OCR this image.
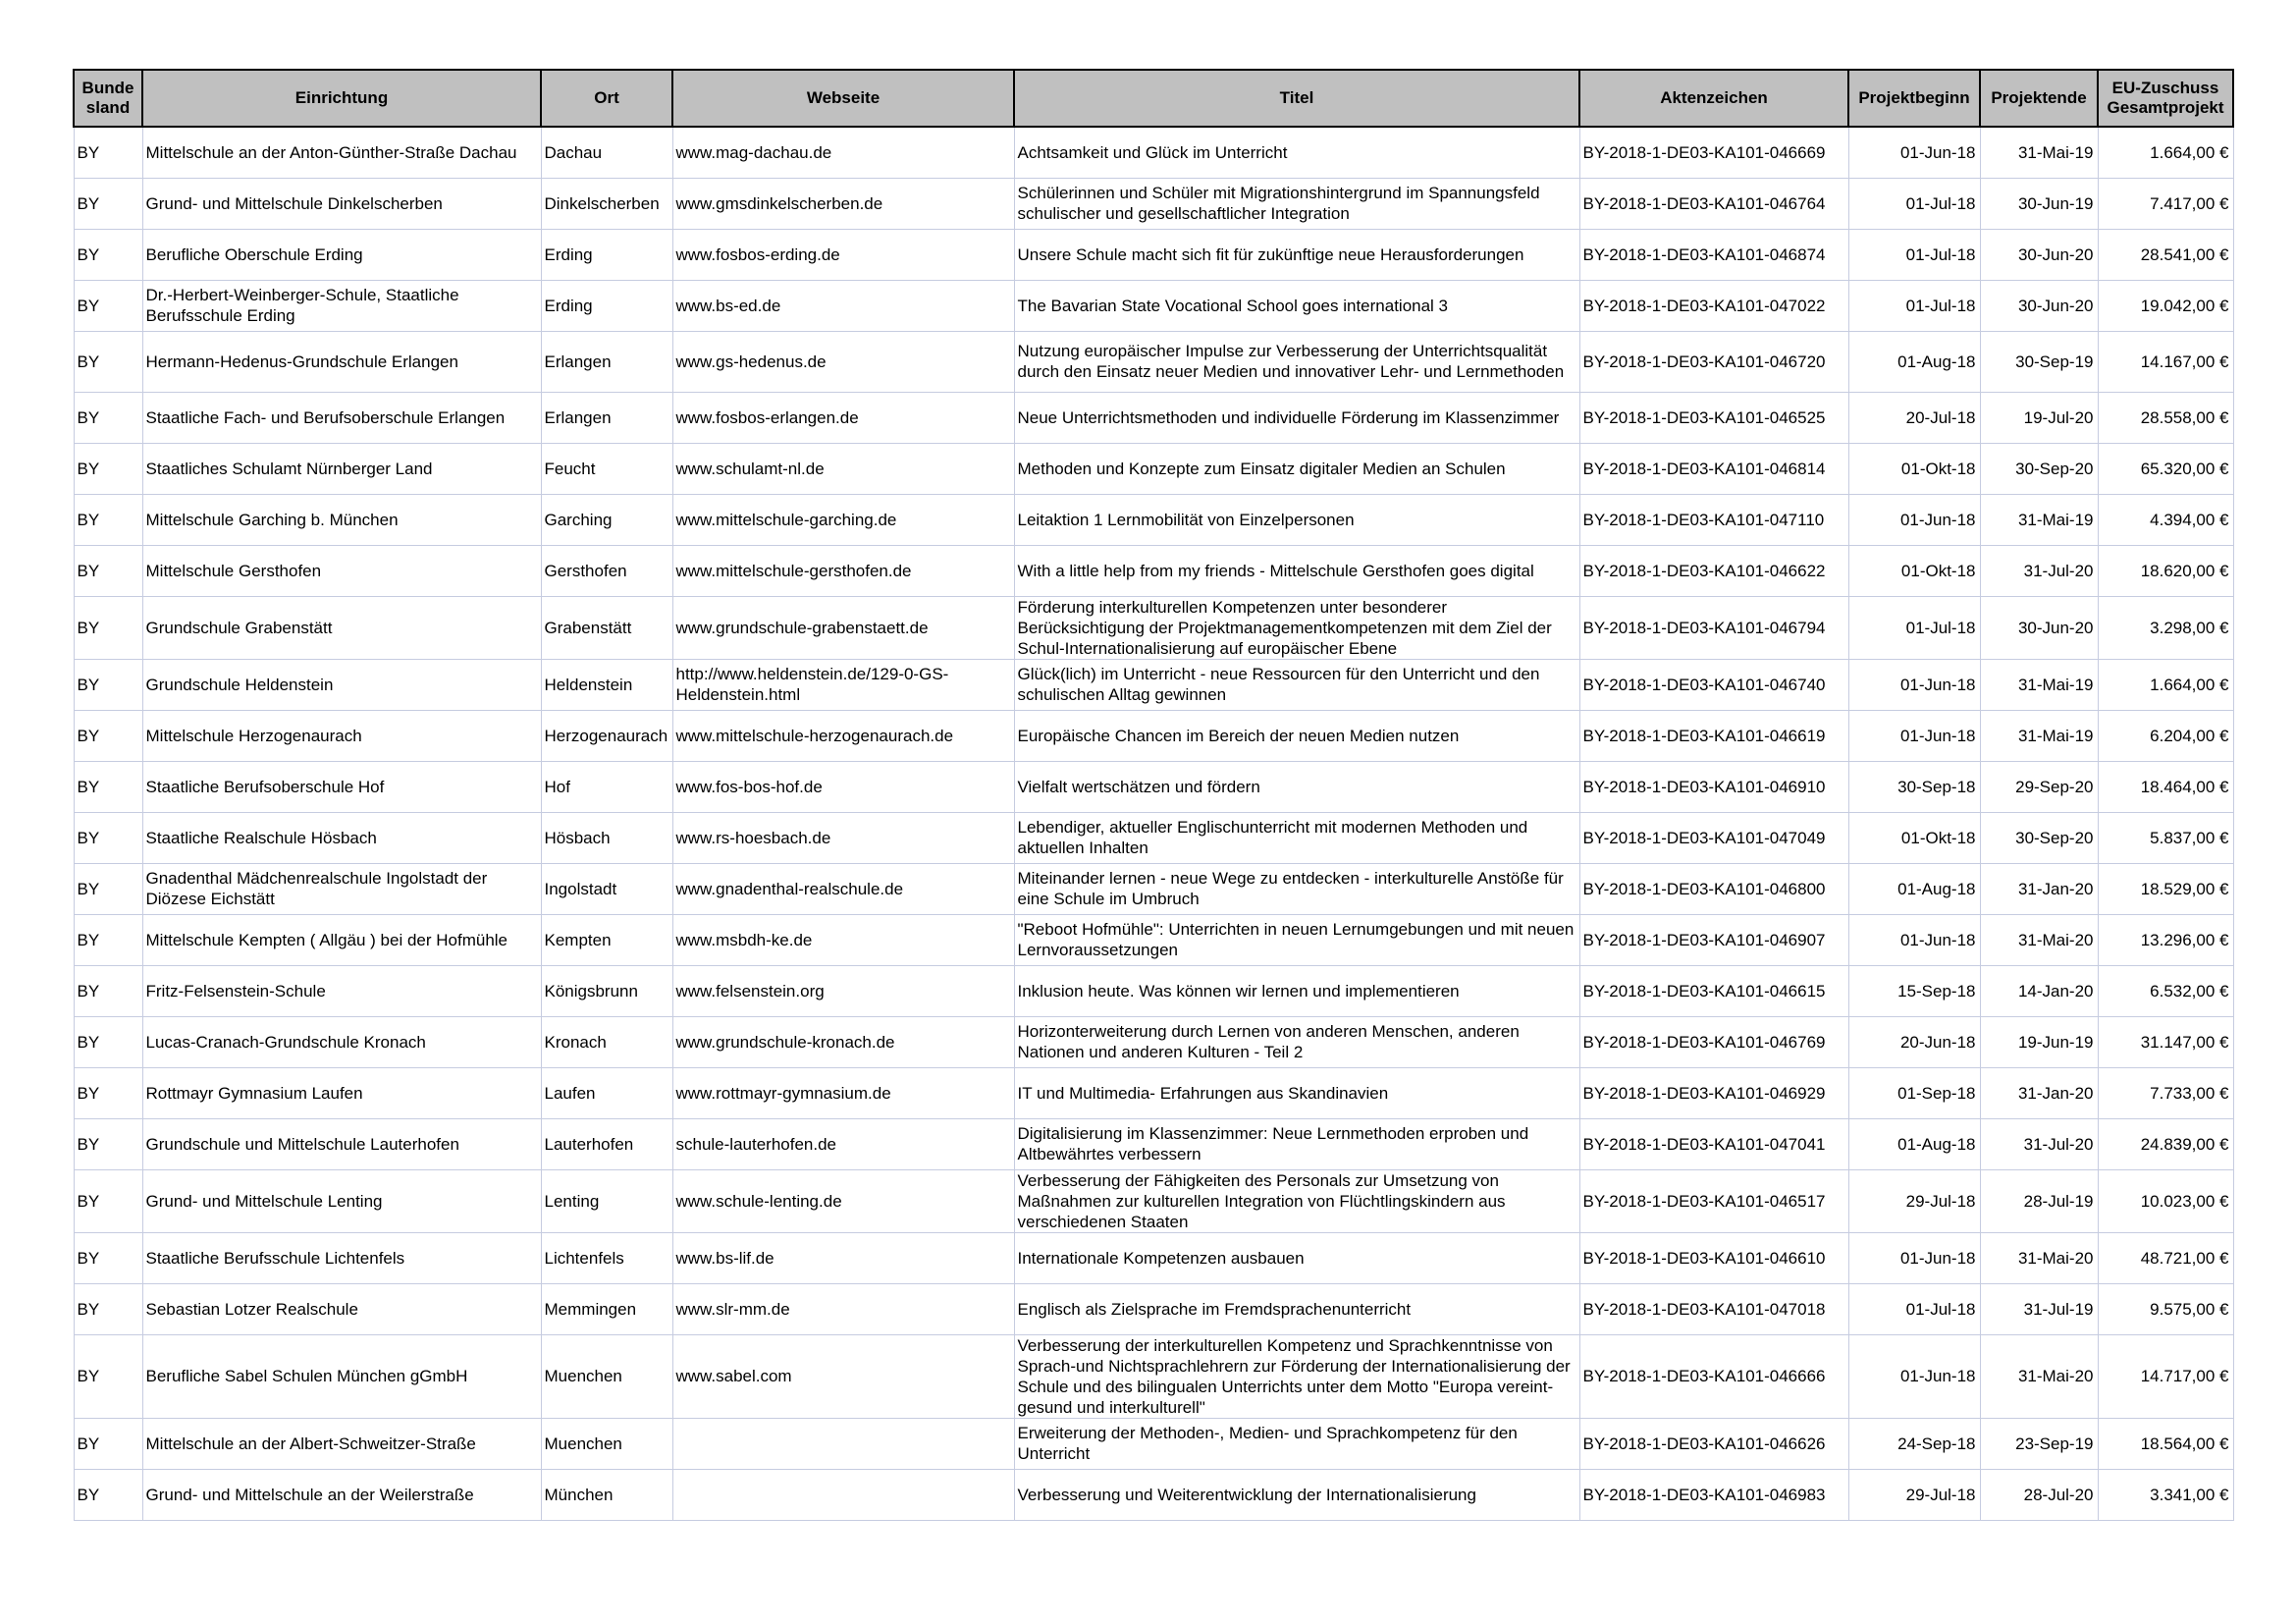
Bunde sland	Einrichtung	Ort	Webseite	Titel	Aktenzeichen	Projektbeginn	Projektende	EU-Zuschuss Gesamtprojekt
BY	Mittelschule an der Anton-Günther-Straße Dachau	Dachau	www.mag-dachau.de	Achtsamkeit und Glück im Unterricht	BY-2018-1-DE03-KA101-046669	01-Jun-18	31-Mai-19	1.664,00 €
BY	Grund- und Mittelschule Dinkelscherben	Dinkelscherben	www.gmsdinkelscherben.de	Schülerinnen und Schüler mit Migrationshintergrund im Spannungsfeld schulischer und gesellschaftlicher Integration	BY-2018-1-DE03-KA101-046764	01-Jul-18	30-Jun-19	7.417,00 €
BY	Berufliche Oberschule Erding	Erding	www.fosbos-erding.de	Unsere Schule macht sich fit für zukünftige neue Herausforderungen	BY-2018-1-DE03-KA101-046874	01-Jul-18	30-Jun-20	28.541,00 €
BY	Dr.-Herbert-Weinberger-Schule, Staatliche Berufsschule Erding	Erding	www.bs-ed.de	The Bavarian State Vocational School goes international 3	BY-2018-1-DE03-KA101-047022	01-Jul-18	30-Jun-20	19.042,00 €
BY	Hermann-Hedenus-Grundschule Erlangen	Erlangen	www.gs-hedenus.de	Nutzung europäischer Impulse zur Verbesserung der Unterrichtsqualität durch den Einsatz neuer Medien und innovativer Lehr- und Lernmethoden	BY-2018-1-DE03-KA101-046720	01-Aug-18	30-Sep-19	14.167,00 €
BY	Staatliche Fach- und Berufsoberschule Erlangen	Erlangen	www.fosbos-erlangen.de	Neue Unterrichtsmethoden und individuelle Förderung im Klassenzimmer	BY-2018-1-DE03-KA101-046525	20-Jul-18	19-Jul-20	28.558,00 €
BY	Staatliches Schulamt Nürnberger Land	Feucht	www.schulamt-nl.de	Methoden und Konzepte zum Einsatz digitaler Medien an Schulen	BY-2018-1-DE03-KA101-046814	01-Okt-18	30-Sep-20	65.320,00 €
BY	Mittelschule Garching b. München	Garching	www.mittelschule-garching.de	Leitaktion 1 Lernmobilität von Einzelpersonen	BY-2018-1-DE03-KA101-047110	01-Jun-18	31-Mai-19	4.394,00 €
BY	Mittelschule Gersthofen	Gersthofen	www.mittelschule-gersthofen.de	With a little help from my friends - Mittelschule Gersthofen goes digital	BY-2018-1-DE03-KA101-046622	01-Okt-18	31-Jul-20	18.620,00 €
BY	Grundschule Grabenstätt	Grabenstätt	www.grundschule-grabenstaett.de	Förderung interkulturellen Kompetenzen unter besonderer Berücksichtigung der Projektmanagementkompetenzen mit dem Ziel der Schul-Internationalisierung auf europäischer Ebene	BY-2018-1-DE03-KA101-046794	01-Jul-18	30-Jun-20	3.298,00 €
BY	Grundschule Heldenstein	Heldenstein	http://www.heldenstein.de/129-0-GS-Heldenstein.html	Glück(lich) im Unterricht - neue Ressourcen für den Unterricht und den schulischen Alltag gewinnen	BY-2018-1-DE03-KA101-046740	01-Jun-18	31-Mai-19	1.664,00 €
BY	Mittelschule Herzogenaurach	Herzogenaurach	www.mittelschule-herzogenaurach.de	Europäische Chancen im Bereich der neuen Medien nutzen	BY-2018-1-DE03-KA101-046619	01-Jun-18	31-Mai-19	6.204,00 €
BY	Staatliche Berufsoberschule Hof	Hof	www.fos-bos-hof.de	Vielfalt wertschätzen und fördern	BY-2018-1-DE03-KA101-046910	30-Sep-18	29-Sep-20	18.464,00 €
BY	Staatliche Realschule Hösbach	Hösbach	www.rs-hoesbach.de	Lebendiger, aktueller Englischunterricht mit modernen Methoden und aktuellen Inhalten	BY-2018-1-DE03-KA101-047049	01-Okt-18	30-Sep-20	5.837,00 €
BY	Gnadenthal Mädchenrealschule Ingolstadt der Diözese Eichstätt	Ingolstadt	www.gnadenthal-realschule.de	Miteinander lernen - neue Wege zu entdecken - interkulturelle Anstöße für eine Schule im Umbruch	BY-2018-1-DE03-KA101-046800	01-Aug-18	31-Jan-20	18.529,00 €
BY	Mittelschule Kempten ( Allgäu ) bei der Hofmühle	Kempten	www.msbdh-ke.de	"Reboot Hofmühle": Unterrichten in neuen Lernumgebungen und mit neuen Lernvoraussetzungen	BY-2018-1-DE03-KA101-046907	01-Jun-18	31-Mai-20	13.296,00 €
BY	Fritz-Felsenstein-Schule	Königsbrunn	www.felsenstein.org	Inklusion heute. Was können wir lernen und implementieren	BY-2018-1-DE03-KA101-046615	15-Sep-18	14-Jan-20	6.532,00 €
BY	Lucas-Cranach-Grundschule Kronach	Kronach	www.grundschule-kronach.de	Horizonterweiterung durch Lernen von anderen Menschen, anderen Nationen und anderen Kulturen - Teil 2	BY-2018-1-DE03-KA101-046769	20-Jun-18	19-Jun-19	31.147,00 €
BY	Rottmayr Gymnasium Laufen	Laufen	www.rottmayr-gymnasium.de	IT und Multimedia- Erfahrungen aus Skandinavien	BY-2018-1-DE03-KA101-046929	01-Sep-18	31-Jan-20	7.733,00 €
BY	Grundschule und Mittelschule Lauterhofen	Lauterhofen	schule-lauterhofen.de	Digitalisierung im Klassenzimmer: Neue Lernmethoden erproben und Altbewährtes verbessern	BY-2018-1-DE03-KA101-047041	01-Aug-18	31-Jul-20	24.839,00 €
BY	Grund- und Mittelschule Lenting	Lenting	www.schule-lenting.de	Verbesserung der Fähigkeiten des Personals zur Umsetzung von Maßnahmen zur kulturellen Integration von Flüchtlingskindern aus verschiedenen Staaten	BY-2018-1-DE03-KA101-046517	29-Jul-18	28-Jul-19	10.023,00 €
BY	Staatliche Berufsschule Lichtenfels	Lichtenfels	www.bs-lif.de	Internationale Kompetenzen ausbauen	BY-2018-1-DE03-KA101-046610	01-Jun-18	31-Mai-20	48.721,00 €
BY	Sebastian Lotzer Realschule	Memmingen	www.slr-mm.de	Englisch als Zielsprache im Fremdsprachenunterricht	BY-2018-1-DE03-KA101-047018	01-Jul-18	31-Jul-19	9.575,00 €
BY	Berufliche Sabel Schulen München gGmbH	Muenchen	www.sabel.com	Verbesserung der interkulturellen Kompetenz und Sprachkenntnisse von Sprach-und Nichtsprachlehrern zur Förderung der Internationalisierung der Schule und des bilingualen Unterrichts unter dem Motto "Europa vereint-gesund und interkulturell"	BY-2018-1-DE03-KA101-046666	01-Jun-18	31-Mai-20	14.717,00 €
BY	Mittelschule an der Albert-Schweitzer-Straße	Muenchen		Erweiterung der Methoden-, Medien- und Sprachkompetenz für den Unterricht	BY-2018-1-DE03-KA101-046626	24-Sep-18	23-Sep-19	18.564,00 €
BY	Grund- und Mittelschule an der Weilerstraße	München		Verbesserung und Weiterentwicklung der Internationalisierung	BY-2018-1-DE03-KA101-046983	29-Jul-18	28-Jul-20	3.341,00 €
